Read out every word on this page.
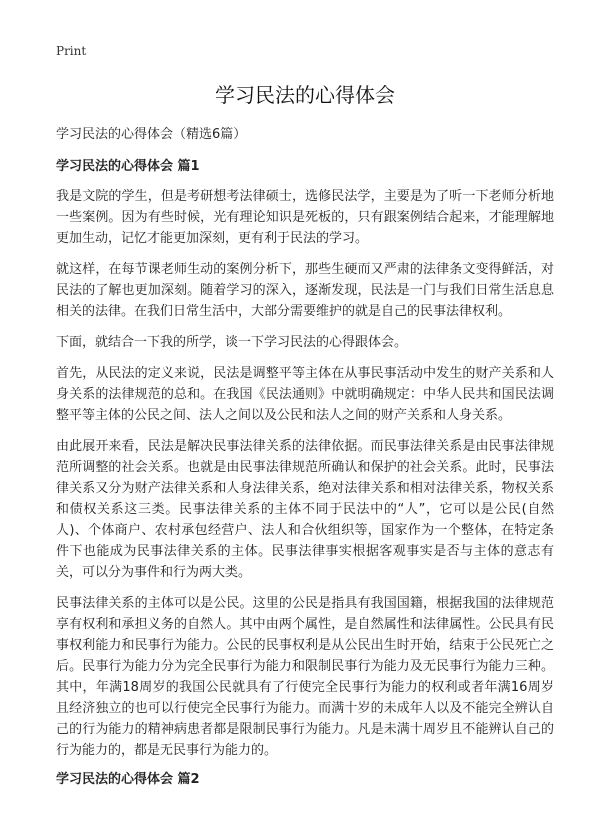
Print
学习民法的心得体会
学习民法的心得体会（精选6篇）
学习民法的心得体会 篇1

我是文院的学生，但是考研想考法律硕士，选修民法学，主要是为了听一下老师分析地一些案例。因为有些时候，光有理论知识是死板的，只有跟案例结合起来，才能理解地更加生动，记忆才能更加深刻，更有利于民法的学习。

就这样，在每节课老师生动的案例分析下，那些生硬而又严肃的法律条文变得鲜活，对民法的了解也更加深刻。随着学习的深入，逐渐发现，民法是一门与我们日常生活息息相关的法律。在我们日常生活中，大部分需要维护的就是自己的民事法律权利。

下面，就结合一下我的所学，谈一下学习民法的心得跟体会。

首先，从民法的定义来说，民法是调整平等主体在从事民事活动中发生的财产关系和人身关系的法律规范的总和。在我国《民法通则》中就明确规定：中华人民共和国民法调整平等主体的公民之间、法人之间以及公民和法人之间的财产关系和人身关系。

由此展开来看，民法是解决民事法律关系的法律依据。而民事法律关系是由民事法律规范所调整的社会关系。也就是由民事法律规范所确认和保护的社会关系。此时，民事法律关系又分为财产法律关系和人身法律关系，绝对法律关系和相对法律关系，物权关系和债权关系这三类。民事法律关系的主体不同于民法中的“人”，它可以是公民(自然人)、个体商户、农村承包经营户、法人和合伙组织等，国家作为一个整体，在特定条件下也能成为民事法律关系的主体。民事法律事实根据客观事实是否与主体的意志有关，可以分为事件和行为两大类。

民事法律关系的主体可以是公民。这里的公民是指具有我国国籍，根据我国的法律规范享有权利和承担义务的自然人。其中由两个属性，是自然属性和法律属性。公民具有民事权利能力和民事行为能力。公民的民事权利是从公民出生时开始，结束于公民死亡之后。民事行为能力分为完全民事行为能力和限制民事行为能力及无民事行为能力三种。其中，年满18周岁的我国公民就具有了行使完全民事行为能力的权利或者年满16周岁且经济独立的也可以行使完全民事行为能力。而满十岁的未成年人以及不能完全辨认自己的行为能力的精神病患者都是限制民事行为能力。凡是未满十周岁且不能辨认自己的行为能力的，都是无民事行为能力的。

学习民法的心得体会 篇2
